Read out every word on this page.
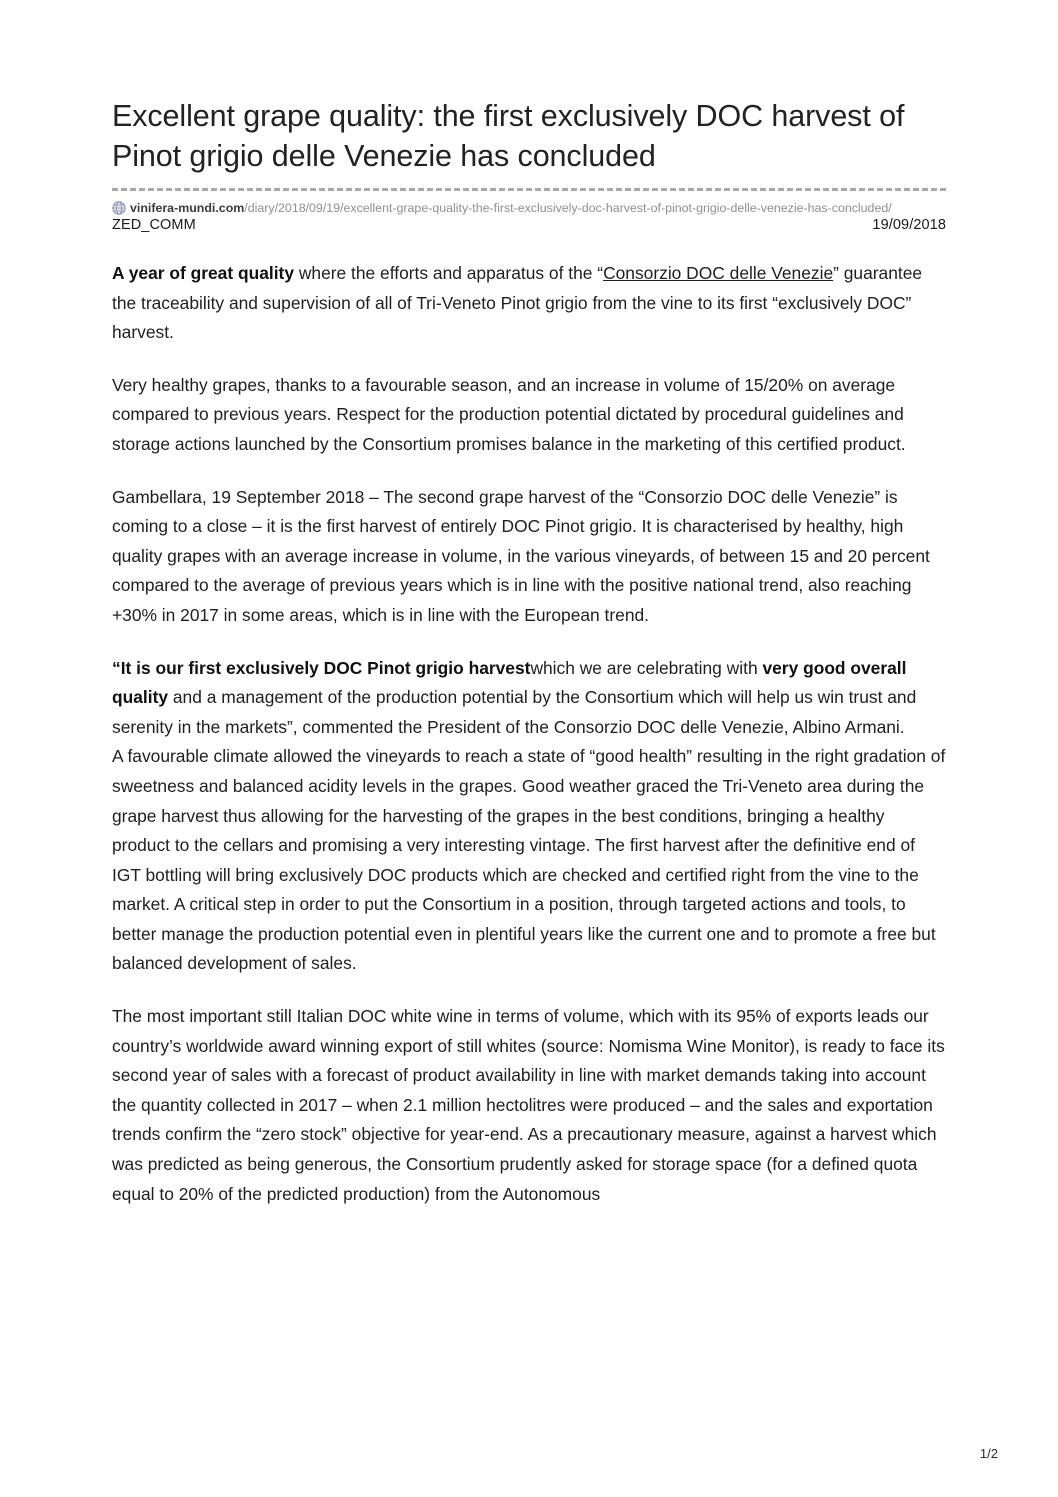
Excellent grape quality: the first exclusively DOC harvest of Pinot grigio delle Venezie has concluded
vinifera-mundi.com/diary/2018/09/19/excellent-grape-quality-the-first-exclusively-doc-harvest-of-pinot-grigio-delle-venezie-has-concluded/
ZED_COMM	19/09/2018

A year of great quality where the efforts and apparatus of the “Consorzio DOC delle Venezie” guarantee the traceability and supervision of all of Tri-Veneto Pinot grigio from the vine to its first “exclusively DOC” harvest.

Very healthy grapes, thanks to a favourable season, and an increase in volume of 15/20% on average compared to previous years. Respect for the production potential dictated by procedural guidelines and storage actions launched by the Consortium promises balance in the marketing of this certified product.

Gambellara, 19 September 2018 – The second grape harvest of the “Consorzio DOC delle Venezie” is coming to a close – it is the first harvest of entirely DOC Pinot grigio. It is characterised by healthy, high quality grapes with an average increase in volume, in the various vineyards, of between 15 and 20 percent compared to the average of previous years which is in line with the positive national trend, also reaching +30% in 2017 in some areas, which is in line with the European trend.

“It is our first exclusively DOC Pinot grigio harvestwhich we are celebrating with very good overall quality and a management of the production potential by the Consortium which will help us win trust and serenity in the markets”, commented the President of the Consorzio DOC delle Venezie, Albino Armani.
A favourable climate allowed the vineyards to reach a state of “good health” resulting in the right gradation of sweetness and balanced acidity levels in the grapes. Good weather graced the Tri-Veneto area during the grape harvest thus allowing for the harvesting of the grapes in the best conditions, bringing a healthy product to the cellars and promising a very interesting vintage. The first harvest after the definitive end of IGT bottling will bring exclusively DOC products which are checked and certified right from the vine to the market. A critical step in order to put the Consortium in a position, through targeted actions and tools, to better manage the production potential even in plentiful years like the current one and to promote a free but balanced development of sales.

The most important still Italian DOC white wine in terms of volume, which with its 95% of exports leads our country’s worldwide award winning export of still whites (source: Nomisma Wine Monitor), is ready to face its second year of sales with a forecast of product availability in line with market demands taking into account the quantity collected in 2017 – when 2.1 million hectolitres were produced – and the sales and exportation trends confirm the “zero stock” objective for year-end. As a precautionary measure, against a harvest which was predicted as being generous, the Consortium prudently asked for storage space (for a defined quota equal to 20% of the predicted production) from the Autonomous

1/2
